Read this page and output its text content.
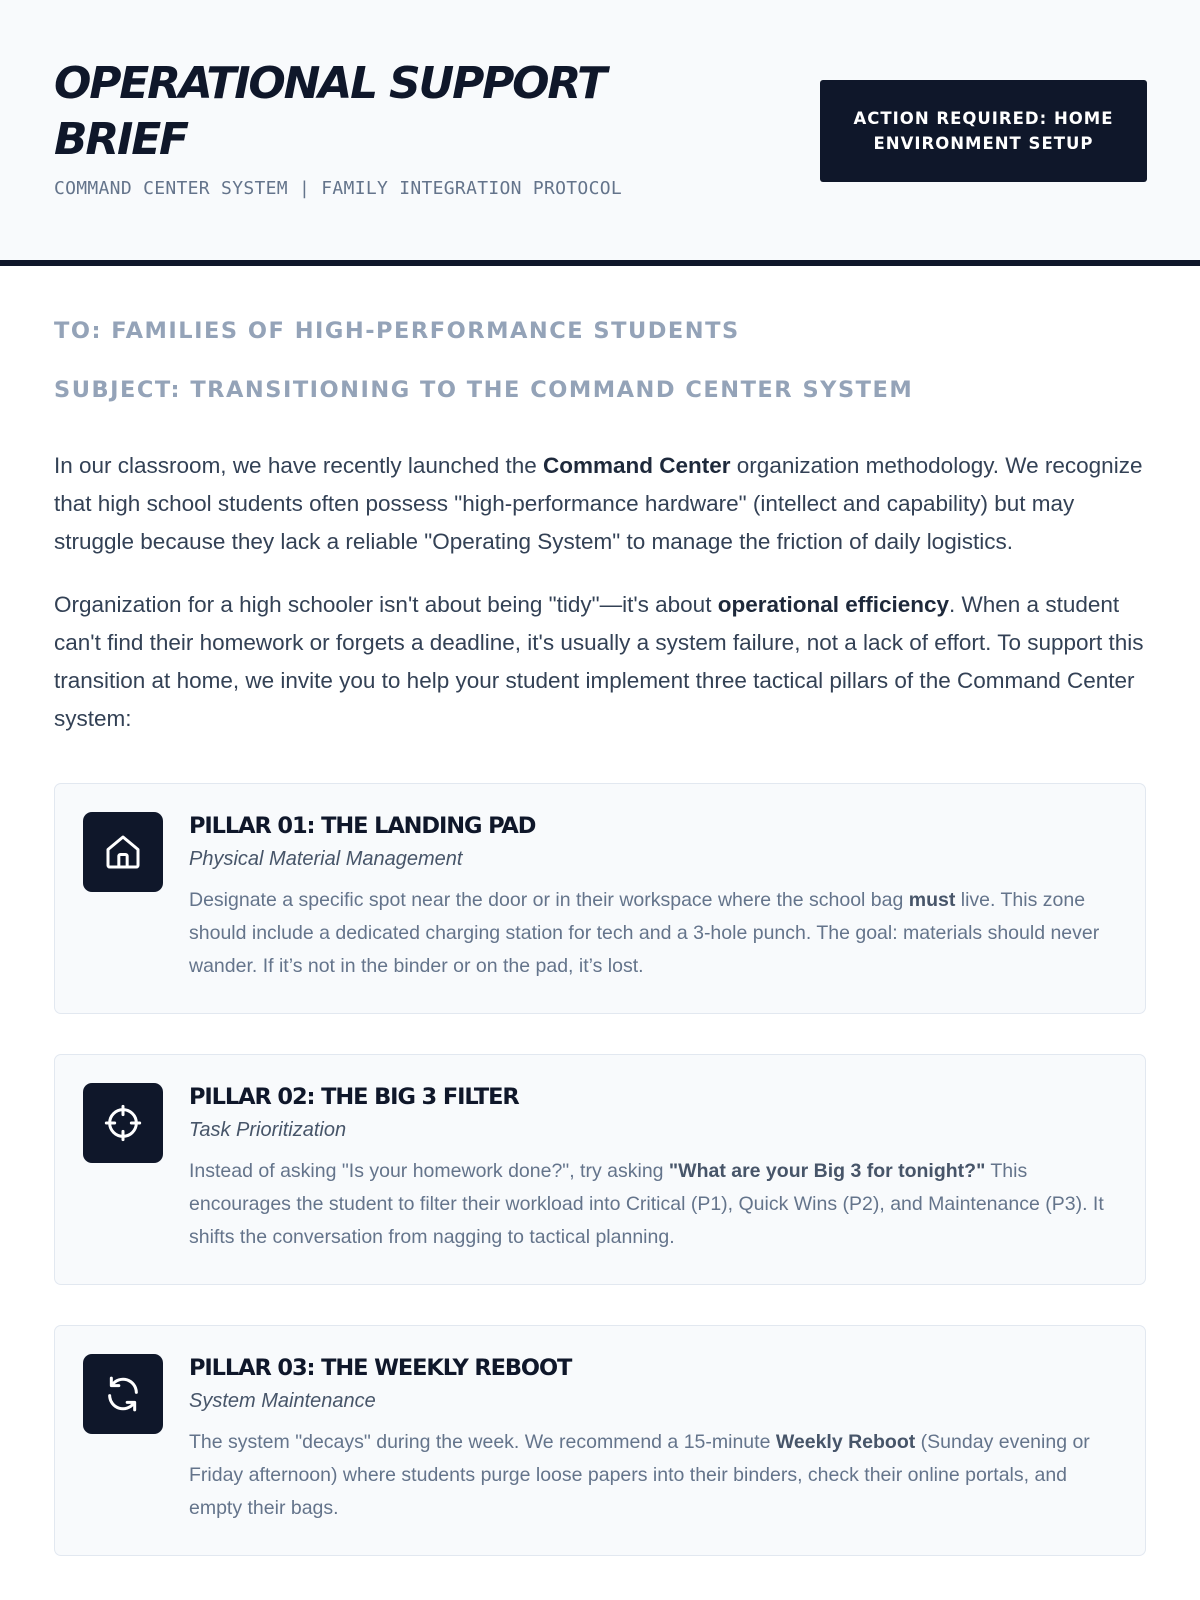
OPERATIONAL SUPPORT BRIEF
COMMAND CENTER SYSTEM | FAMILY INTEGRATION PROTOCOL
ACTION REQUIRED: HOME ENVIRONMENT SETUP
TO: FAMILIES OF HIGH-PERFORMANCE STUDENTS
SUBJECT: TRANSITIONING TO THE COMMAND CENTER SYSTEM

In our classroom, we have recently launched the Command Center organization methodology. We recognize that high school students often possess "high-performance hardware" (intellect and capability) but may struggle because they lack a reliable "Operating System" to manage the friction of daily logistics.

Organization for a high schooler isn't about being "tidy"—it's about operational efficiency. When a student can't find their homework or forgets a deadline, it's usually a system failure, not a lack of effort. To support this transition at home, we invite you to help your student implement three tactical pillars of the Command Center system:

PILLAR 01: THE LANDING PAD
Physical Material Management

Designate a specific spot near the door or in their workspace where the school bag must live. This zone should include a dedicated charging station for tech and a 3-hole punch. The goal: materials should never wander. If it’s not in the binder or on the pad, it’s lost.

PILLAR 02: THE BIG 3 FILTER
Task Prioritization

Instead of asking "Is your homework done?", try asking "What are your Big 3 for tonight?" This encourages the student to filter their workload into Critical (P1), Quick Wins (P2), and Maintenance (P3). It shifts the conversation from nagging to tactical planning.

PILLAR 03: THE WEEKLY REBOOT
System Maintenance

The system "decays" during the week. We recommend a 15-minute Weekly Reboot (Sunday evening or Friday afternoon) where students purge loose papers into their binders, check their online portals, and empty their bags.
